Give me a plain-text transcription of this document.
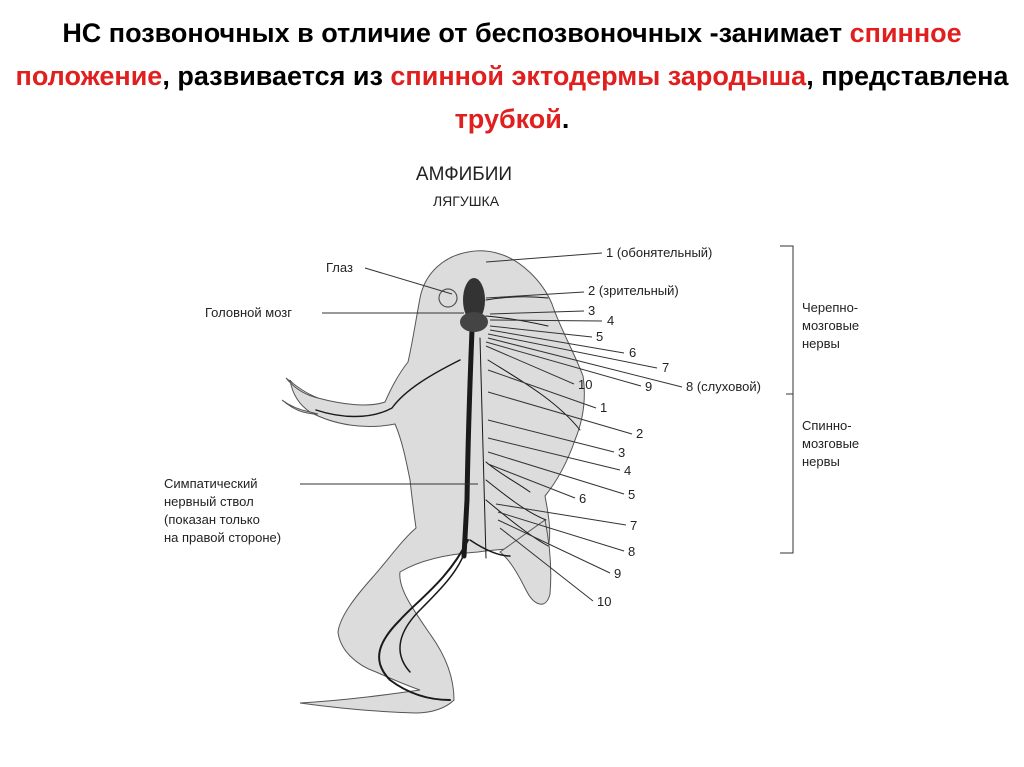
НС позвоночных в отличие от беспозвоночных -занимает спинное положение, развивается из спинной эктодермы зародыша, представлена трубкой.
АМФИБИИ
ЛЯГУШКА
Глаз
Головной мозг
Симпатический
нервный ствол
(показан только
на правой стороне)
1 (обонятельный)
2 (зрительный)
3
4
5
6
7
8 (слуховой)
9
10
1
2
3
4
5
6
7
8
9
10
Черепно-
мозговые
нервы
Спинно-
мозговые
нервы
